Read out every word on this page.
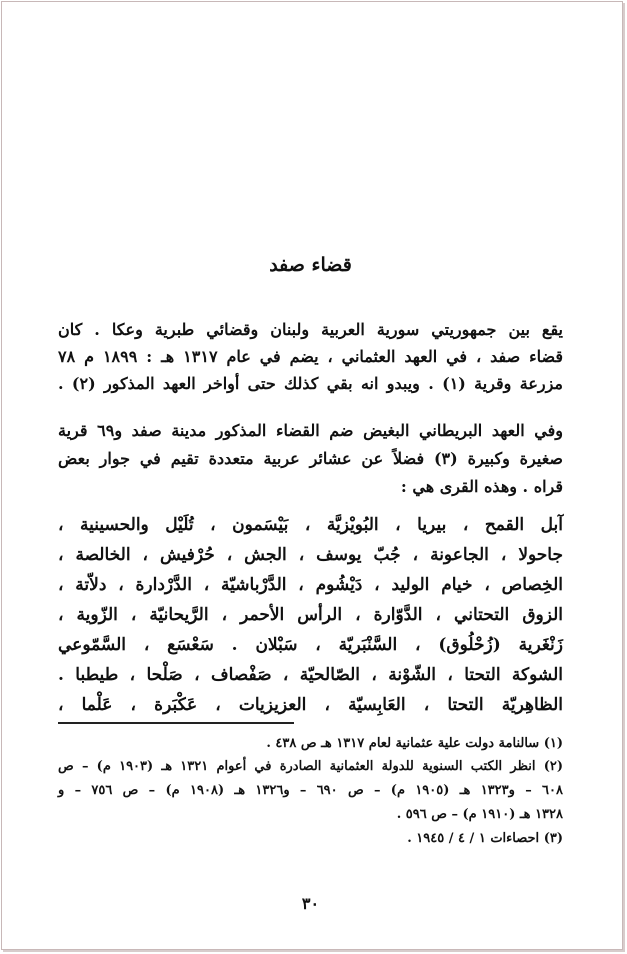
قضاء صفد
يقع بين جمهوريتي سورية العربية ولبنان وقضائي طبرية وعكا . كان
قضاء صفد ، في العهد العثماني ، يضم في عام ١٣١٧ هـ : ١٨٩٩ م ٧٨
مزرعة وقرية (١) . ويبدو انه بقي كذلك حتى أواخر العهد المذكور (٢) .
وفي العهد البريطاني البغيض ضم القضاء المذكور مدينة صفد و٦٩ قرية
صغيرة وكبيرة (٣) فضلاً عن عشائر عربية متعددة تقيم في جوار بعض
قراه . وهذه القرى هي :
آبل القمح ، بيريا ، البُويْزيَّة ، بَيْسَمون ، تُلَيْل والحسينية ،
جاحولا ، الجاعونة ، جُبّ يوسف ، الجش ، حُرْفيش ، الخالصة ،
الخِصاص ، خيام الوليد ، دَيْشُوم ، الدَّرْباشيّة ، الدَّرْدارة ، دلاّتة ،
الزوق التحتاني ، الدَّوّارة ، الرأس الأحمر ، الرَّيحانيّة ، الزّوية ،
زَنْغَرية (زُحْلُوق) ، السَّنْبَريّة ، سَبْلان . سَعْسَع ، السَّمّوعي
الشوكة التحتا ، الشّوْنة ، الصّالحيّة ، صَفْصاف ، صَلْحا ، طيطبا .
الظاهِريّة التحتا ، العَابِسيّة ، العزيزيات ، عَكْبَرة ، عَلْما ،
(١) سالنامة دولت علية عثمانية لعام ١٣١٧ هـ ص ٤٣٨ .
(٢) انظر الكتب السنوية للدولة العثمانية الصادرة في أعوام ١٣٢١ هـ (١٩٠٣ م) – ص
٦٠٨ – و١٣٢٣ هـ (١٩٠٥ م) – ص ٦٩٠ – و١٣٢٦ هـ (١٩٠٨ م) – ص ٧٥٦ – و
١٣٢٨ هـ (١٩١٠ م) – ص ٥٩٦ .
(٣) احصاءات ١ / ٤ / ١٩٤٥ .
٣٠
